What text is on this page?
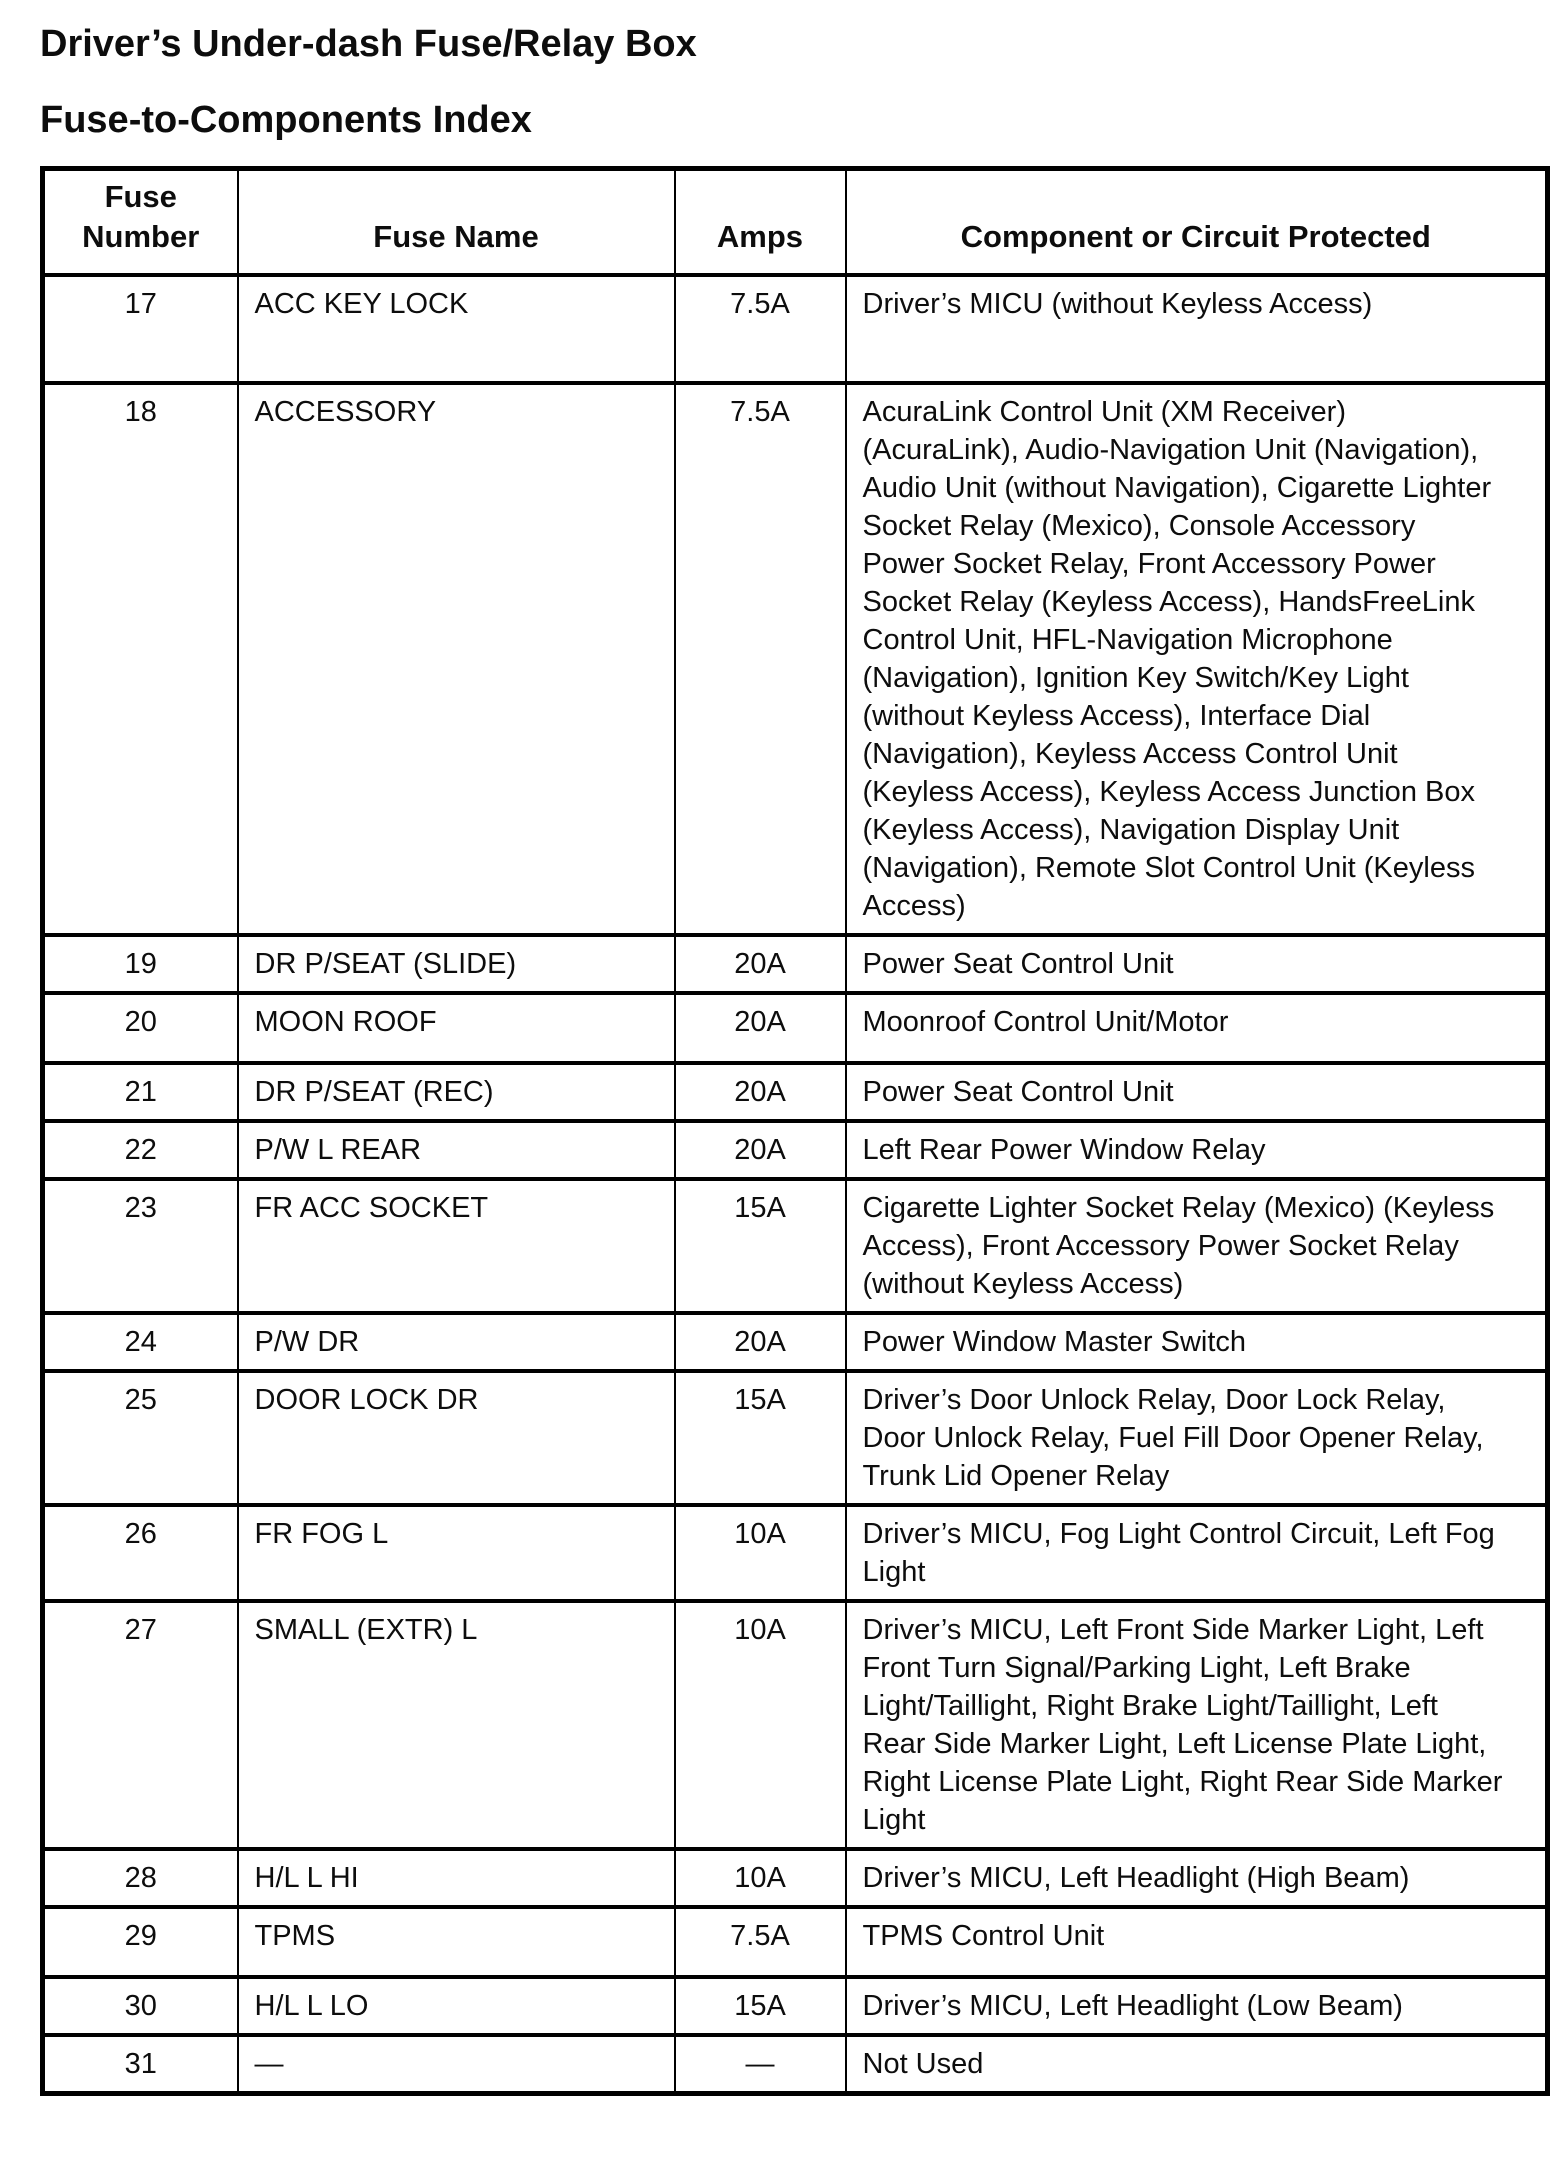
Driver’s Under-dash Fuse/Relay Box
Fuse-to-Components Index
Fuse Number	Fuse Name	Amps	Component or Circuit Protected
17	ACC KEY LOCK	7.5A	Driver’s MICU (without Keyless Access)
18	ACCESSORY	7.5A	AcuraLink Control Unit (XM Receiver) (AcuraLink), Audio-Navigation Unit (Navigation), Audio Unit (without Navigation), Cigarette Lighter Socket Relay (Mexico), Console Accessory Power Socket Relay, Front Accessory Power Socket Relay (Keyless Access), HandsFreeLink Control Unit, HFL-Navigation Microphone (Navigation), Ignition Key Switch/Key Light (without Keyless Access), Interface Dial (Navigation), Keyless Access Control Unit (Keyless Access), Keyless Access Junction Box (Keyless Access), Navigation Display Unit (Navigation), Remote Slot Control Unit (Keyless Access)
19	DR P/SEAT (SLIDE)	20A	Power Seat Control Unit
20	MOON ROOF	20A	Moonroof Control Unit/Motor
21	DR P/SEAT (REC)	20A	Power Seat Control Unit
22	P/W L REAR	20A	Left Rear Power Window Relay
23	FR ACC SOCKET	15A	Cigarette Lighter Socket Relay (Mexico) (Keyless Access), Front Accessory Power Socket Relay (without Keyless Access)
24	P/W DR	20A	Power Window Master Switch
25	DOOR LOCK DR	15A	Driver’s Door Unlock Relay, Door Lock Relay, Door Unlock Relay, Fuel Fill Door Opener Relay, Trunk Lid Opener Relay
26	FR FOG L	10A	Driver’s MICU, Fog Light Control Circuit, Left Fog Light
27	SMALL (EXTR) L	10A	Driver’s MICU, Left Front Side Marker Light, Left Front Turn Signal/Parking Light, Left Brake Light/Taillight, Right Brake Light/Taillight, Left Rear Side Marker Light, Left License Plate Light, Right License Plate Light, Right Rear Side Marker Light
28	H/L L HI	10A	Driver’s MICU, Left Headlight (High Beam)
29	TPMS	7.5A	TPMS Control Unit
30	H/L L LO	15A	Driver’s MICU, Left Headlight (Low Beam)
31	—	—	Not Used
